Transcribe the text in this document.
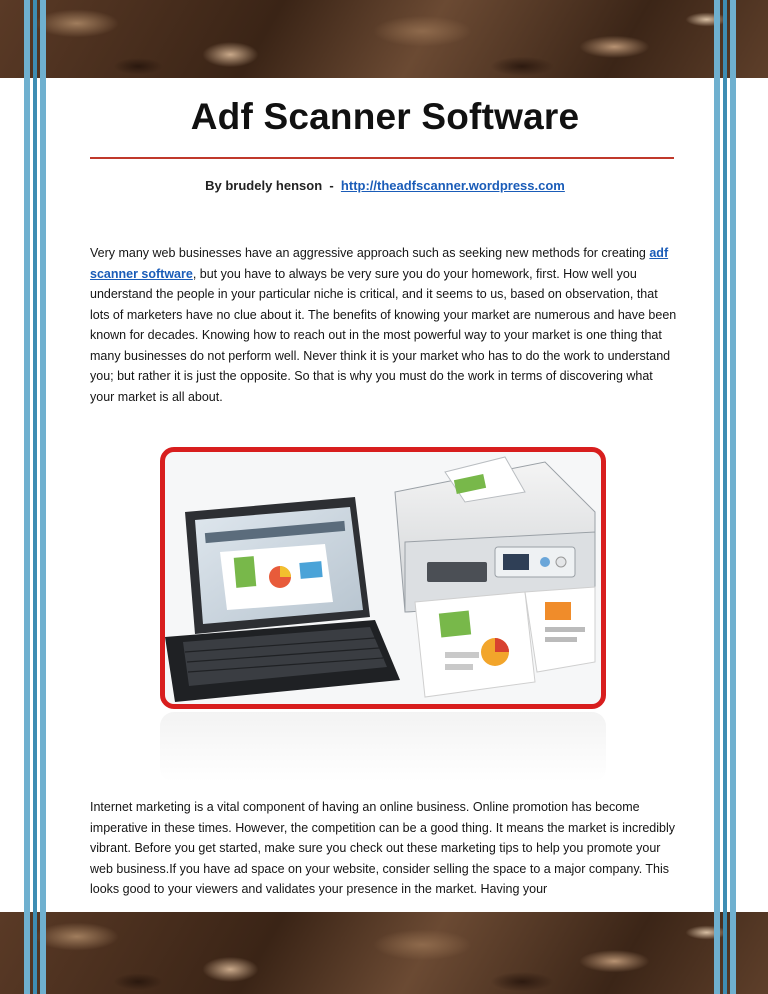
Adf Scanner Software
By brudely henson  -  http://theadfscanner.wordpress.com
Very many web businesses have an aggressive approach such as seeking new methods for creating adf scanner software, but you have to always be very sure you do your homework, first. How well you understand the people in your particular niche is critical, and it seems to us, based on observation, that lots of marketers have no clue about it. The benefits of knowing your market are numerous and have been known for decades. Knowing how to reach out in the most powerful way to your market is one thing that many businesses do not perform well. Never think it is your market who has to do the work to understand you; but rather it is just the opposite. So that is why you must do the work in terms of discovering what your market is all about.
Internet marketing is a vital component of having an online business. Online promotion has become imperative in these times. However, the competition can be a good thing. It means the market is incredibly vibrant. Before you get started, make sure you check out these marketing tips to help you promote your web business.If you have ad space on your website, consider selling the space to a major company. This looks good to your viewers and validates your presence in the market. Having your
